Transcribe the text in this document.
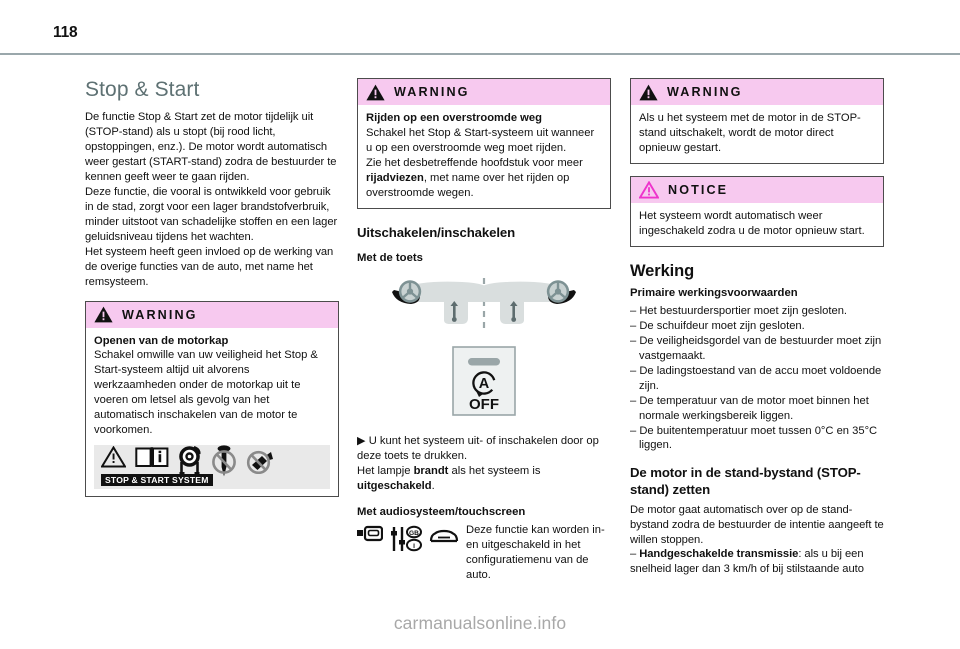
118
Stop & Start

De functie Stop & Start zet de motor tijdelijk uit (STOP-stand) als u stopt (bij rood licht, opstoppingen, enz.). De motor wordt automatisch weer gestart (START-stand) zodra de bestuurder te kennen geeft weer te gaan rijden.

Deze functie, die vooral is ontwikkeld voor gebruik in de stad, zorgt voor een lager brandstofverbruik, minder uitstoot van schadelijke stoffen en een lager geluidsniveau tijdens het wachten.

Het systeem heeft geen invloed op de werking van de overige functies van de auto, met name het remsysteem.

WARNING

Openen van de motorkap

Schakel omwille van uw veiligheid het Stop & Start-systeem altijd uit alvorens werkzaamheden onder de motorkap uit te voeren om letsel als gevolg van het automatisch inschakelen van de motor te voorkomen.

STOP & START SYSTEM
WARNING

Rijden op een overstroomde weg

Schakel het Stop & Start-systeem uit wanneer u op een overstroomde weg moet rijden.

Zie het desbetreffende hoofdstuk voor meer rijadviezen, met name over het rijden op overstroomde wegen.

Uitschakelen/inschakelen
Met de toets
A
OFF

▶ U kunt het systeem uit- of inschakelen door op deze toets te drukken.

Het lampje brandt als het systeem is uitgeschakeld.

Met audiosysteem/touchscreen
GB
I
Deze functie kan worden in- en uitgeschakeld in het configuratiemenu van de auto.
WARNING

Als u het systeem met de motor in de STOP-stand uitschakelt, wordt de motor direct opnieuw gestart.

NOTICE

Het systeem wordt automatisch weer ingeschakeld zodra u de motor opnieuw start.

Werking
Primaire werkingsvoorwaarden
– Het bestuurdersportier moet zijn gesloten.
– De schuifdeur moet zijn gesloten.
– De veiligheidsgordel van de bestuurder moet zijn vastgemaakt.
– De ladingstoestand van de accu moet voldoende zijn.
– De temperatuur van de motor moet binnen het normale werkingsbereik liggen.
– De buitentemperatuur moet tussen 0°C en 35°C liggen.
De motor in de stand-bystand (STOP-stand) zetten

De motor gaat automatisch over op de stand-bystand zodra de bestuurder de intentie aangeeft te willen stoppen.

– Handgeschakelde transmissie: als u bij een snelheid lager dan 3 km/h of bij stilstaande auto

carmanualsonline.info
